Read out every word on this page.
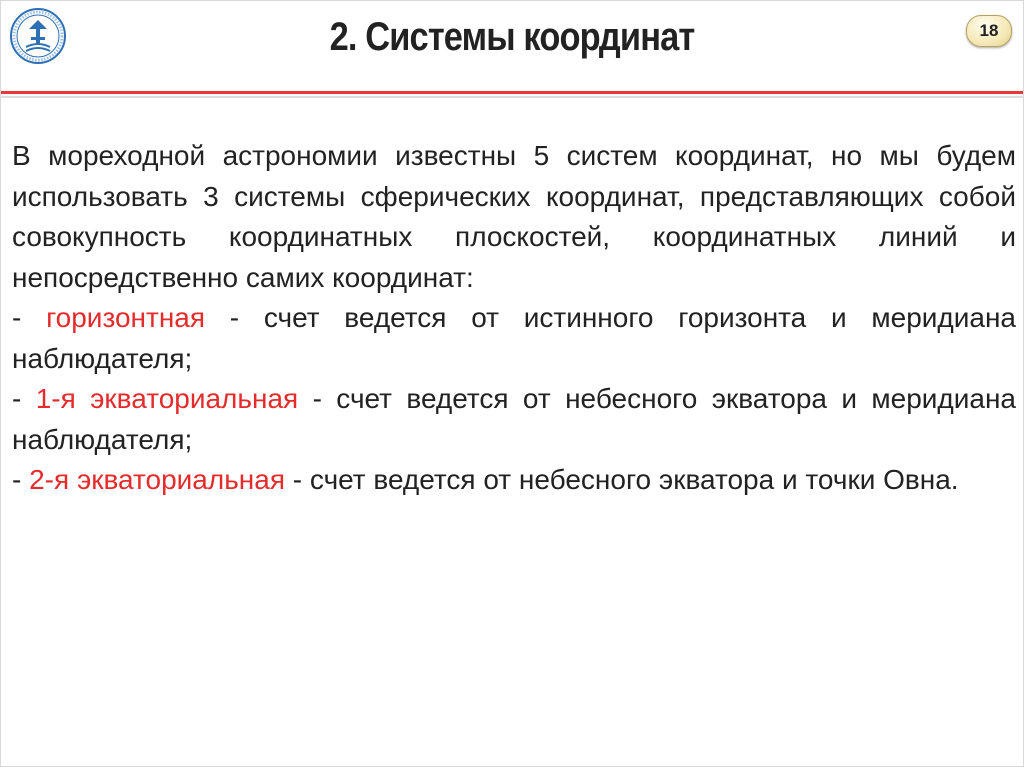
2. Системы координат	18

В мореходной астрономии известны 5 систем координат, но мы будем использовать 3 системы сферических координат, представляющих собой совокупность координатных плоскостей, координатных линий и непосредственно самих координат:

- горизонтная - счет ведется от истинного горизонта и меридиана наблюдателя;

- 1-я экваториальная - счет ведется от небесного экватора и меридиана наблюдателя;

- 2-я экваториальная - счет ведется от небесного экватора и точки Овна.
